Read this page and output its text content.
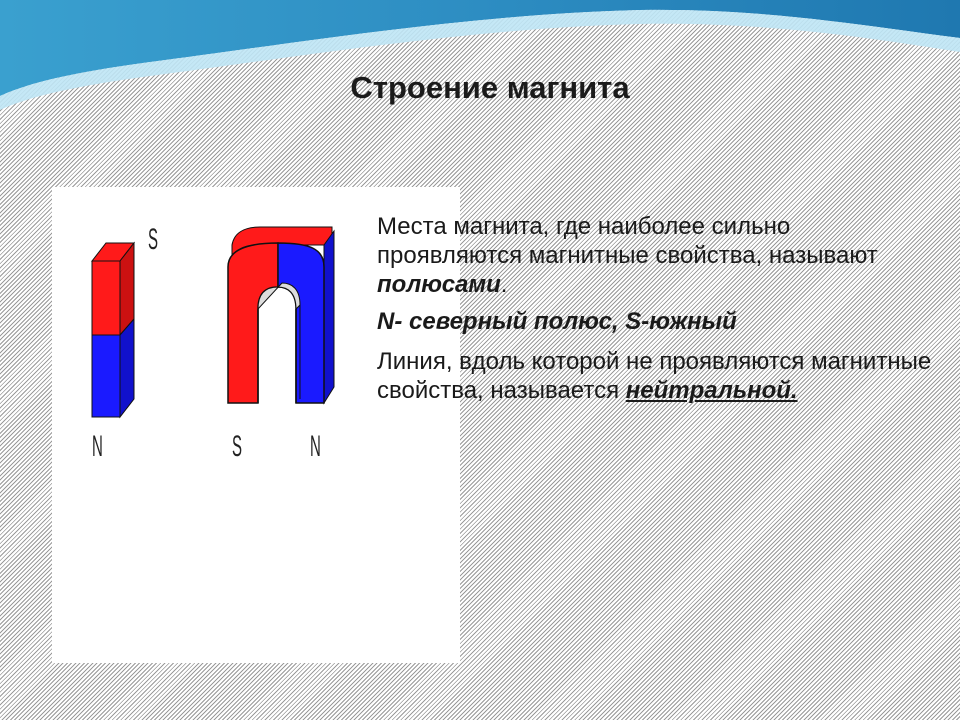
Строение магнита
S
N	S N

Места магнита, где наиболее сильно проявляются магнитные свойства, называют полюсами.

N- северный полюс, S-южный

Линия, вдоль которой не проявляются магнитные свойства, называется нейтральной.
